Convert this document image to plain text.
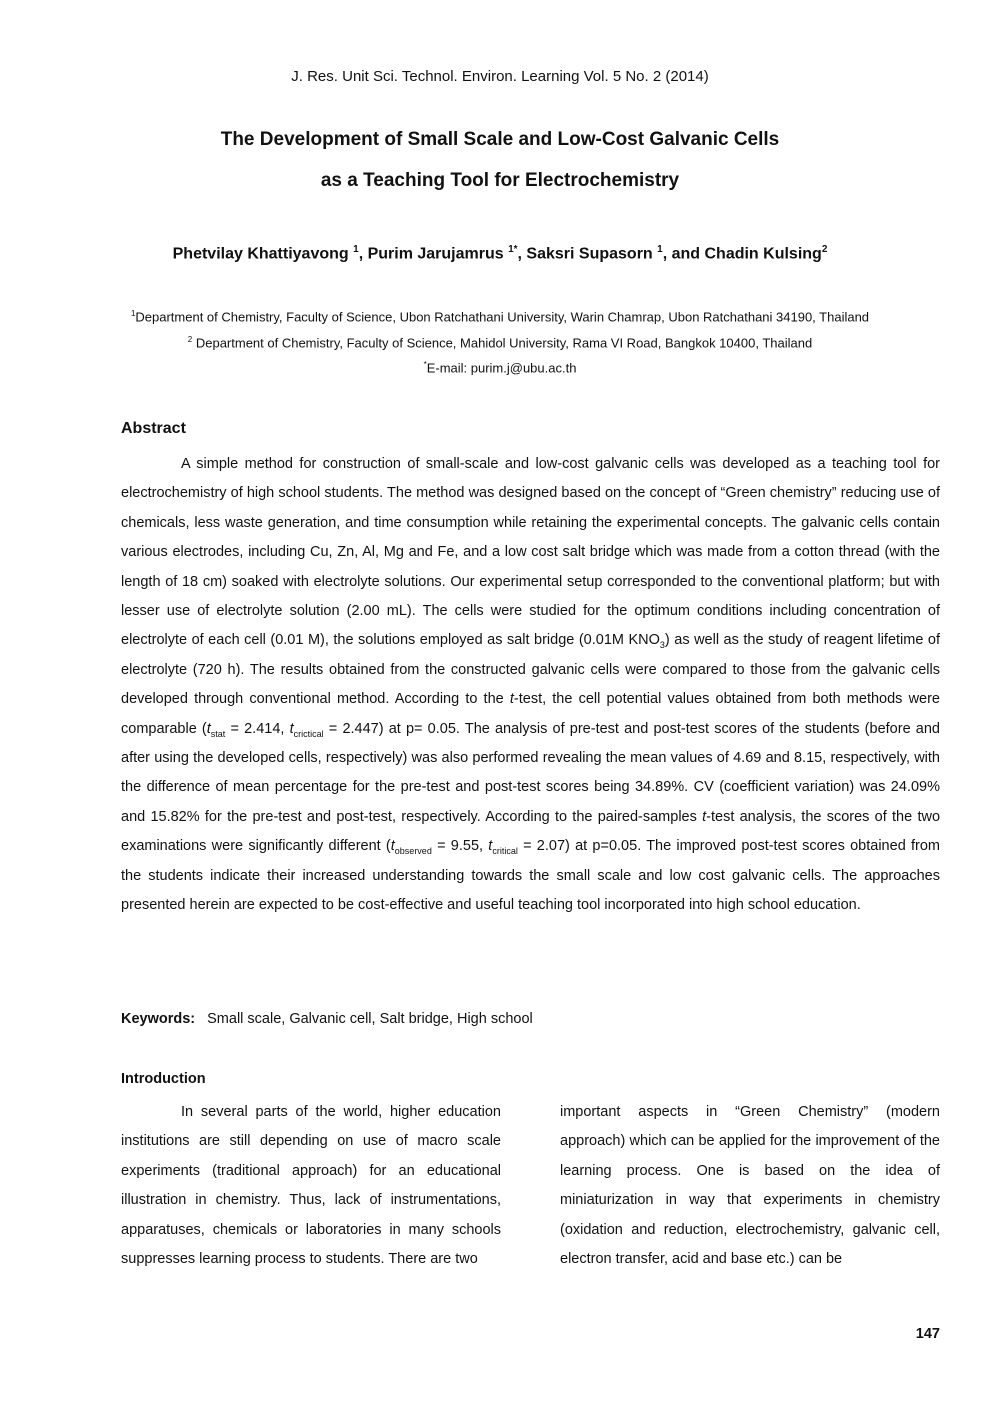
J. Res. Unit Sci. Technol. Environ. Learning Vol. 5 No. 2 (2014)
The Development of Small Scale and Low-Cost Galvanic Cells
as a Teaching Tool for Electrochemistry
Phetvilay Khattiyavong $^1$, Purim Jarujamrus $^{1*}$, Saksri Supasorn $^1$, and Chadin Kulsing$^2$
$^1$Department of Chemistry, Faculty of Science, Ubon Ratchathani University, Warin Chamrap, Ubon Ratchathani 34190, Thailand
$^2$ Department of Chemistry, Faculty of Science, Mahidol University, Rama VI Road, Bangkok 10400, Thailand
*E-mail: purim.j@ubu.ac.th
Abstract

A simple method for construction of small-scale and low-cost galvanic cells was developed as a teaching tool for electrochemistry of high school students. The method was designed based on the concept of “Green chemistry” reducing use of chemicals, less waste generation, and time consumption while retaining the experimental concepts. The galvanic cells contain various electrodes, including Cu, Zn, Al, Mg and Fe, and a low cost salt bridge which was made from a cotton thread (with the length of 18 cm) soaked with electrolyte solutions. Our experimental setup corresponded to the conventional platform; but with lesser use of electrolyte solution (2.00 mL). The cells were studied for the optimum conditions including concentration of electrolyte of each cell (0.01 M), the solutions employed as salt bridge (0.01M $KNO_3$) as well as the study of reagent lifetime of electrolyte (720 h). The results obtained from the constructed galvanic cells were compared to those from the galvanic cells developed through conventional method. According to the t-test, the cell potential values obtained from both methods were comparable ($t_{stat} = 2.414$, $t_{crictical} = 2.447$) at p= 0.05. The analysis of pre-test and post-test scores of the students (before and after using the developed cells, respectively) was also performed revealing the mean values of 4.69 and 8.15, respectively, with the difference of mean percentage for the pre-test and post-test scores being 34.89%. CV (coefficient variation) was 24.09% and 15.82% for the pre-test and post-test, respectively. According to the paired-samples t-test analysis, the scores of the two examinations were significantly different ($t_{observed} = 9.55$, $t_{critical} = 2.07$) at p=0.05. The improved post-test scores obtained from the students indicate their increased understanding towards the small scale and low cost galvanic cells. The approaches presented herein are expected to be cost-effective and useful teaching tool incorporated into high school education.

Keywords: Small scale, Galvanic cell, Salt bridge, High school
Introduction

In several parts of the world, higher education institutions are still depending on use of macro scale experiments (traditional approach) for an educational illustration in chemistry. Thus, lack of instrumentations, apparatuses, chemicals or laboratories in many schools suppresses learning process to students. There are two

important aspects in “Green Chemistry” (modern approach) which can be applied for the improvement of the learning process. One is based on the idea of miniaturization in way that experiments in chemistry (oxidation and reduction, electrochemistry, galvanic cell, electron transfer, acid and base etc.) can be

147
